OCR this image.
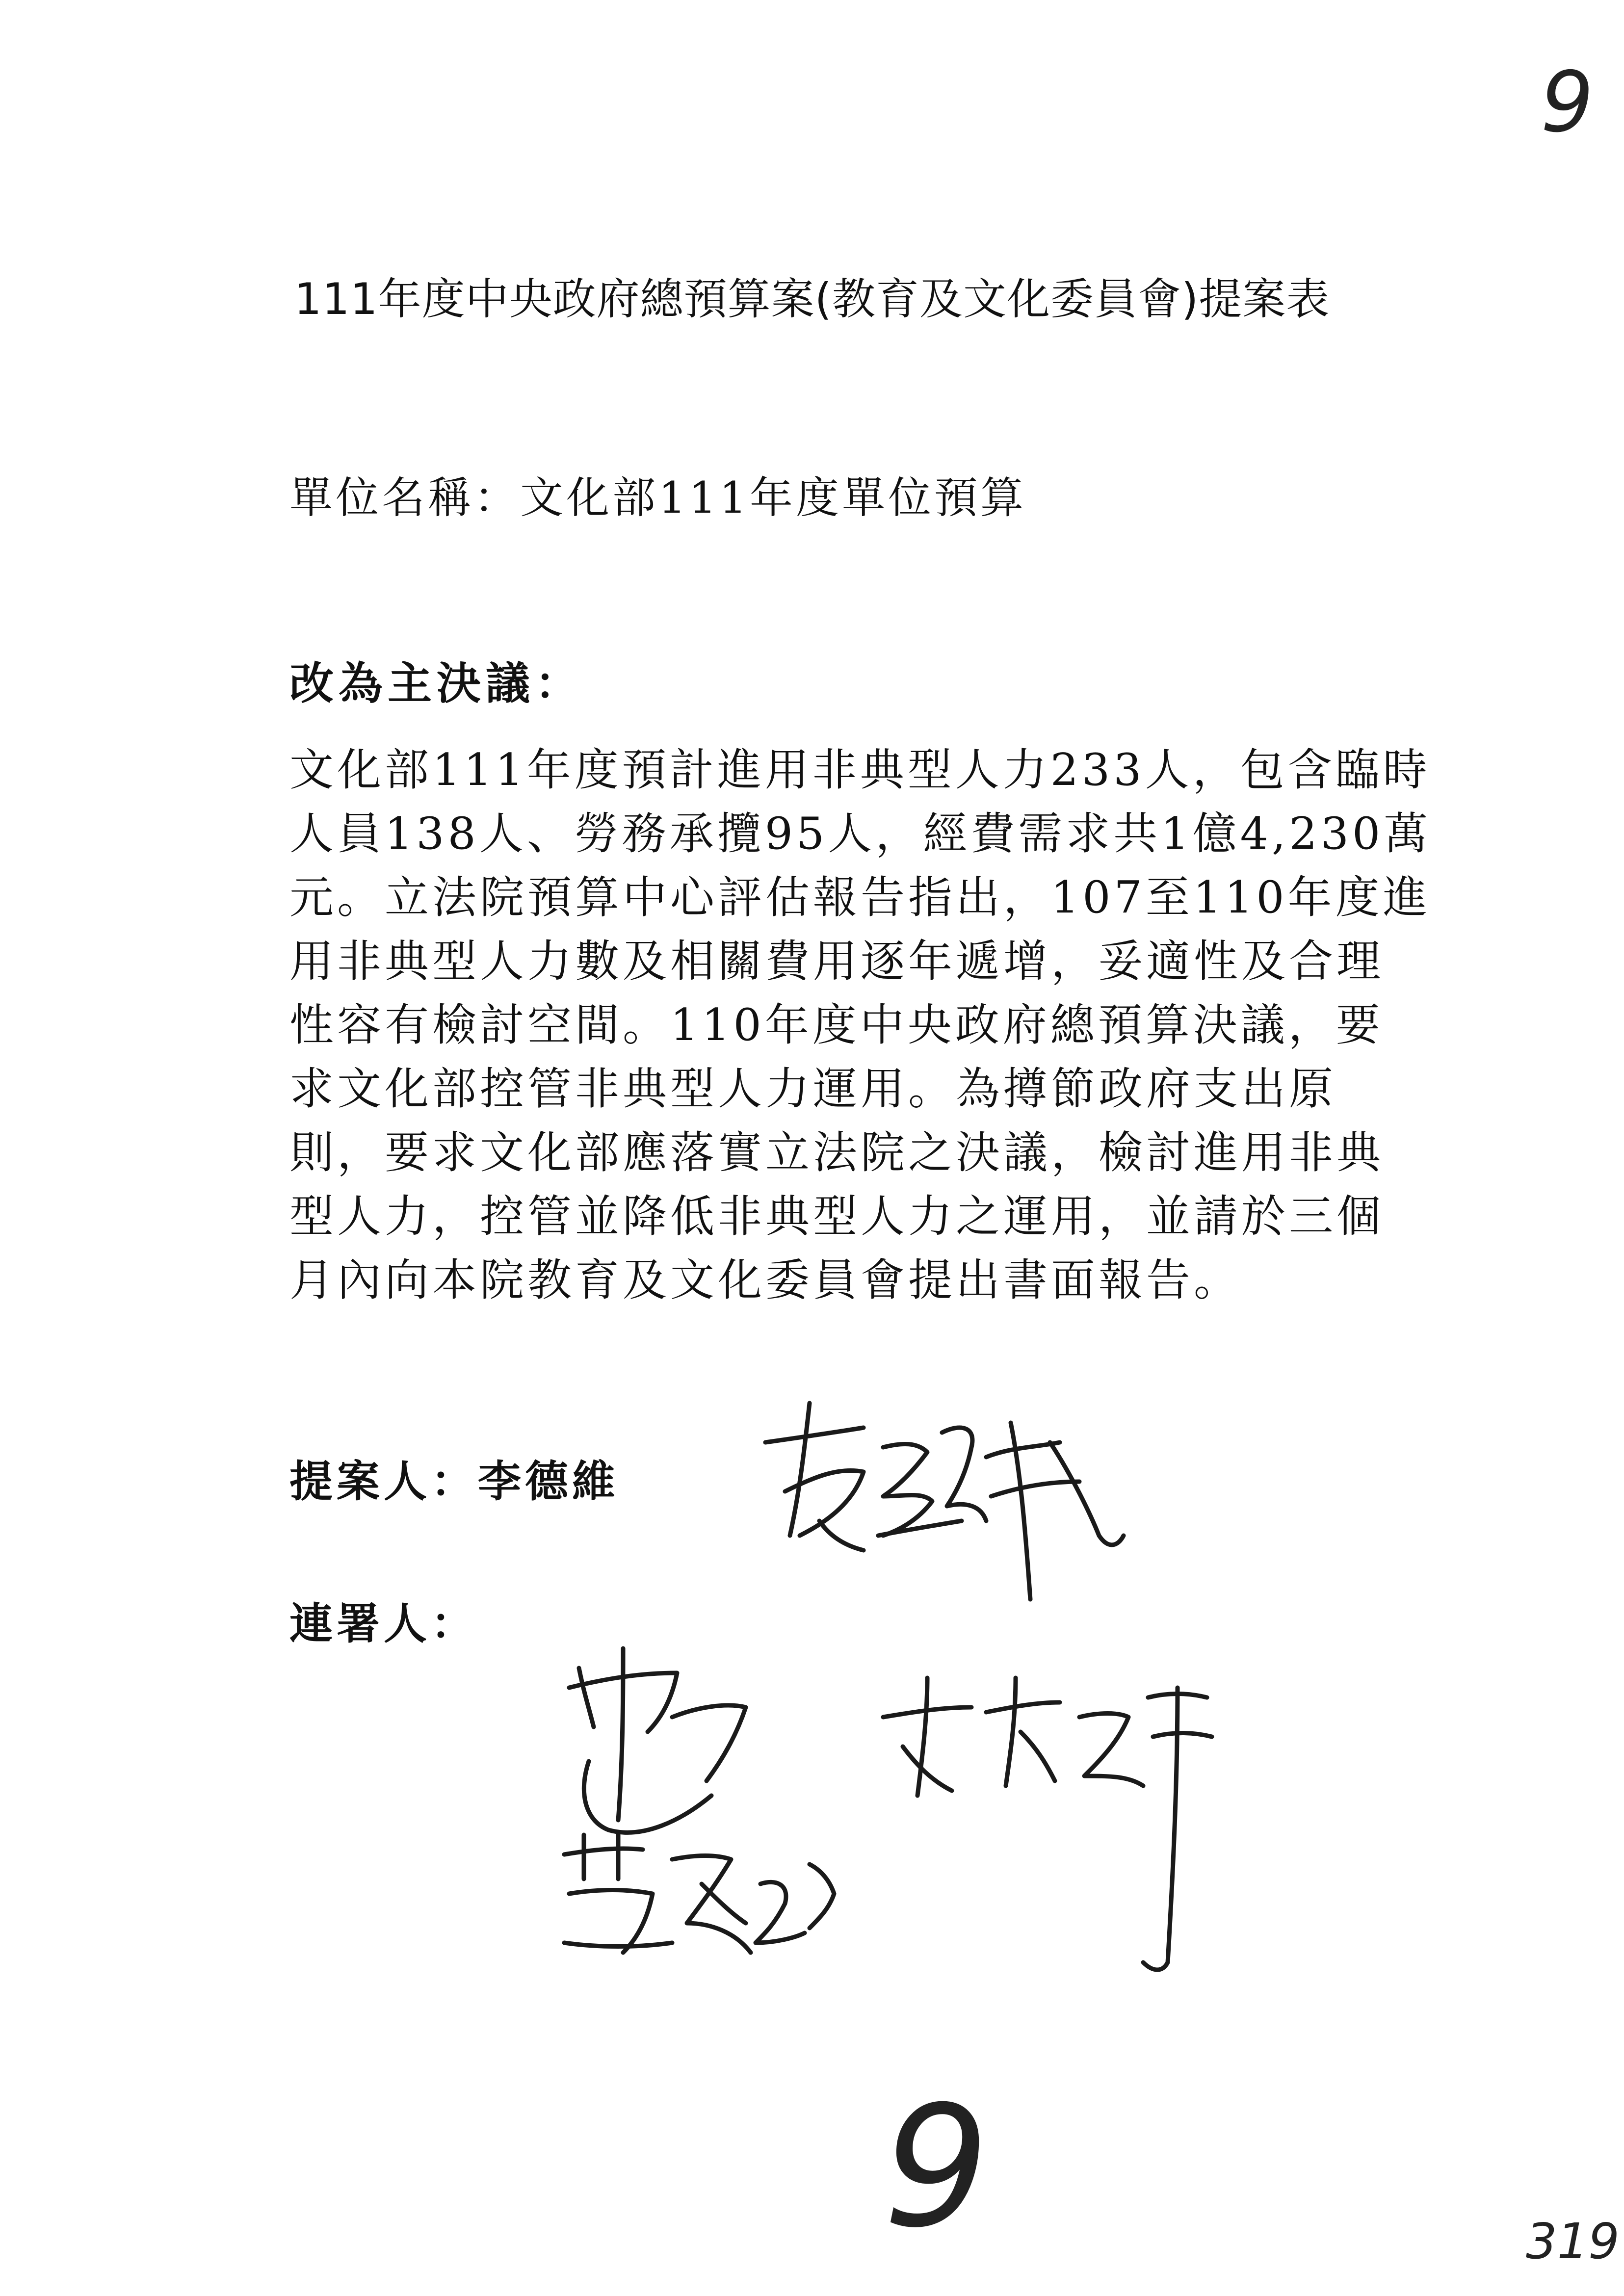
9
111年度中央政府總預算案(教育及文化委員會)提案表
單位名稱：文化部111年度單位預算
改為主決議：
文化部111年度預計進用非典型人力233人，包含臨時
人員138人、勞務承攬95人，經費需求共1億4,230萬
元。立法院預算中心評估報告指出，107至110年度進
用非典型人力數及相關費用逐年遞增，妥適性及合理
性容有檢討空間。110年度中央政府總預算決議，要
求文化部控管非典型人力運用。為撙節政府支出原
則，要求文化部應落實立法院之決議，檢討進用非典
型人力，控管並降低非典型人力之運用，並請於三個
月內向本院教育及文化委員會提出書面報告。
提案人：李德維
連署人：
9	319
